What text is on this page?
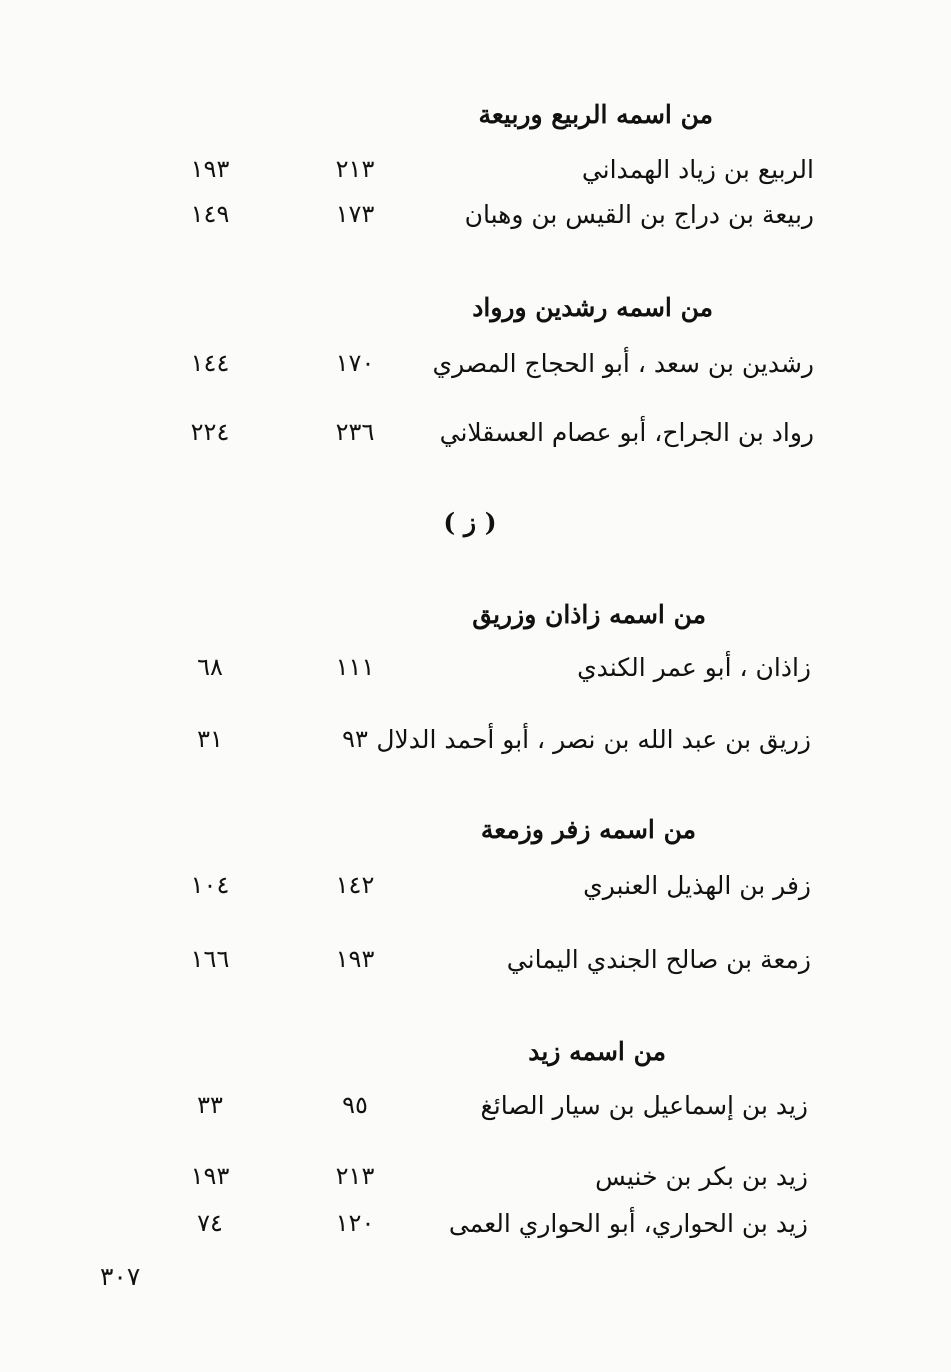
من اسمه الربيع وربيعة
الربيع بن زياد الهمداني
٢١٣
١٩٣
ربيعة بن دراج بن القيس بن وهبان
١٧٣
١٤٩
من اسمه رشدين ورواد
رشدين بن سعد ، أبو الحجاج المصري
١٧٠
١٤٤
رواد بن الجراح، أبو عصام العسقلاني
٢٣٦
٢٢٤
( ز )
من اسمه زاذان وزريق
زاذان ، أبو عمر الكندي
١١١
٦٨
زريق بن عبد الله بن نصر ، أبو أحمد الدلال
٩٣
٣١
من اسمه زفر وزمعة
زفر بن الهذيل العنبري
١٤٢
١٠٤
زمعة بن صالح الجندي اليماني
١٩٣
١٦٦
من اسمه زيد
زيد بن إسماعيل بن سيار الصائغ
٩٥
٣٣
زيد بن بكر بن خنيس
٢١٣
١٩٣
زيد بن الحواري، أبو الحواري العمى
١٢٠
٧٤
٣٠٧
